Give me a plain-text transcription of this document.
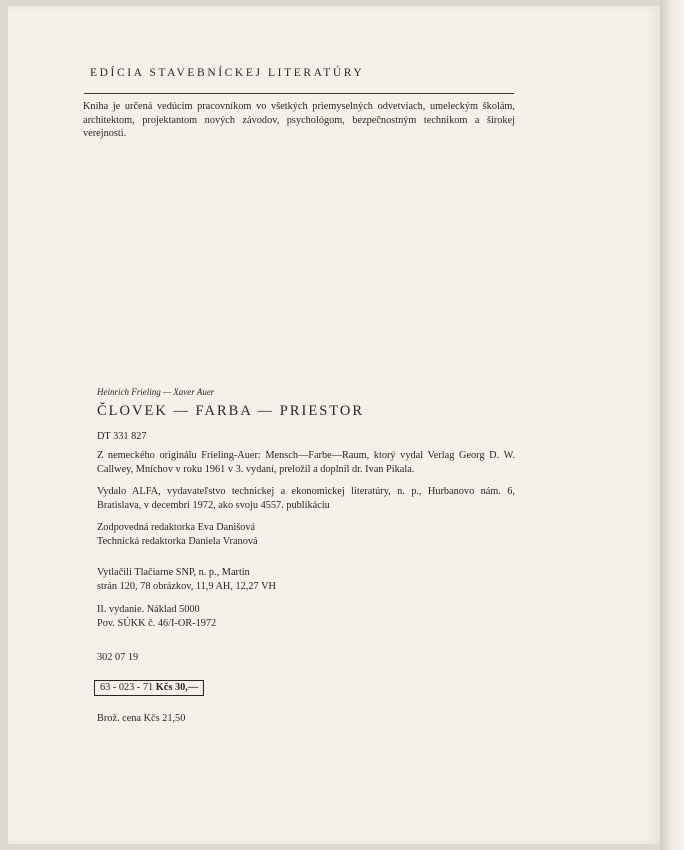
EDÍCIA STAVEBNÍCKEJ LITERATÚRY
Kniha je určená vedúcim pracovníkom vo všetkých priemyselných odvetviach, umeleckým školám, architektom, projektantom nových závodov, psychológom, bezpečnostným technikom a širokej verejnosti.
Heinrich Frieling — Xaver Auer
ČLOVEK — FARBA — PRIESTOR
DT 331 827
Z nemeckého originálu Frieling-Auer: Mensch—Farbe—Raum, ktorý vydal Verlag Georg D. W. Callwey, Mníchov v roku 1961 v 3. vydaní, preložil a doplnil dr. Ivan Pikala.
Vydalo ALFA, vydavateľstvo technickej a ekonomickej literatúry, n. p., Hurbanovo nám. 6, Bratislava, v decembri 1972, ako svoju 4557. publikáciu
Zodpovedná redaktorka Eva Danišová
Technická redaktorka Daniela Vranová
Vytlačili Tlačiarne SNP, n. p., Martin
strán 120, 78 obrázkov, 11,9 AH, 12,27 VH
II. vydanie. Náklad 5000
Pov. SÚKK č. 46/I-OR-1972
302 07 19
63 - 023 - 71 Kčs 30,—
Brož. cena Kčs 21,50
